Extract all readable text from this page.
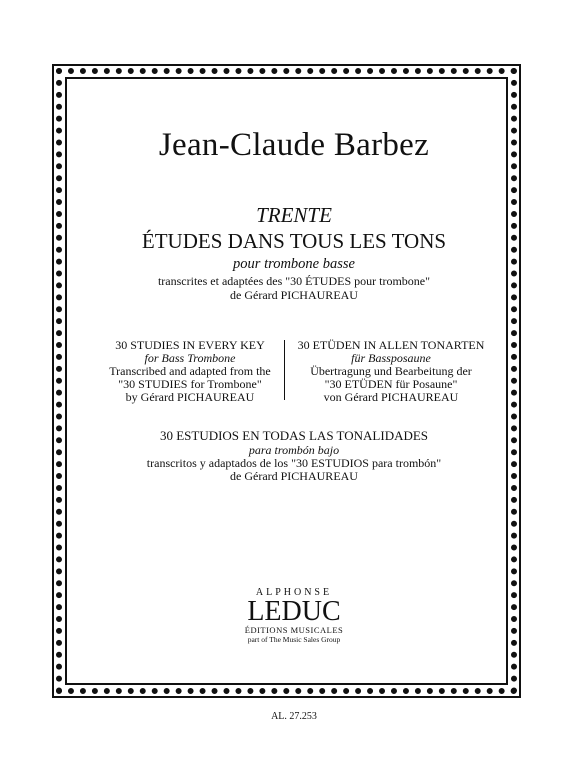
Jean-Claude Barbez
TRENTE
ÉTUDES DANS TOUS LES TONS
pour trombone basse
transcrites et adaptées des "30 ÉTUDES pour trombone"
de Gérard PICHAUREAU
30 STUDIES IN EVERY KEY
for Bass Trombone
Transcribed and adapted from the
"30 STUDIES for Trombone"
by Gérard PICHAUREAU
30 ETÜDEN IN ALLEN TONARTEN
für Bassposaune
Übertragung und Bearbeitung der
"30 ETÜDEN für Posaune"
von Gérard PICHAUREAU
30 ESTUDIOS EN TODAS LAS TONALIDADES
para trombón bajo
transcritos y adaptados de los "30 ESTUDIOS para trombón"
de Gérard PICHAUREAU
ALPHONSE
LEDUC
ÉDITIONS MUSICALES
part of The Music Sales Group
AL. 27.253
